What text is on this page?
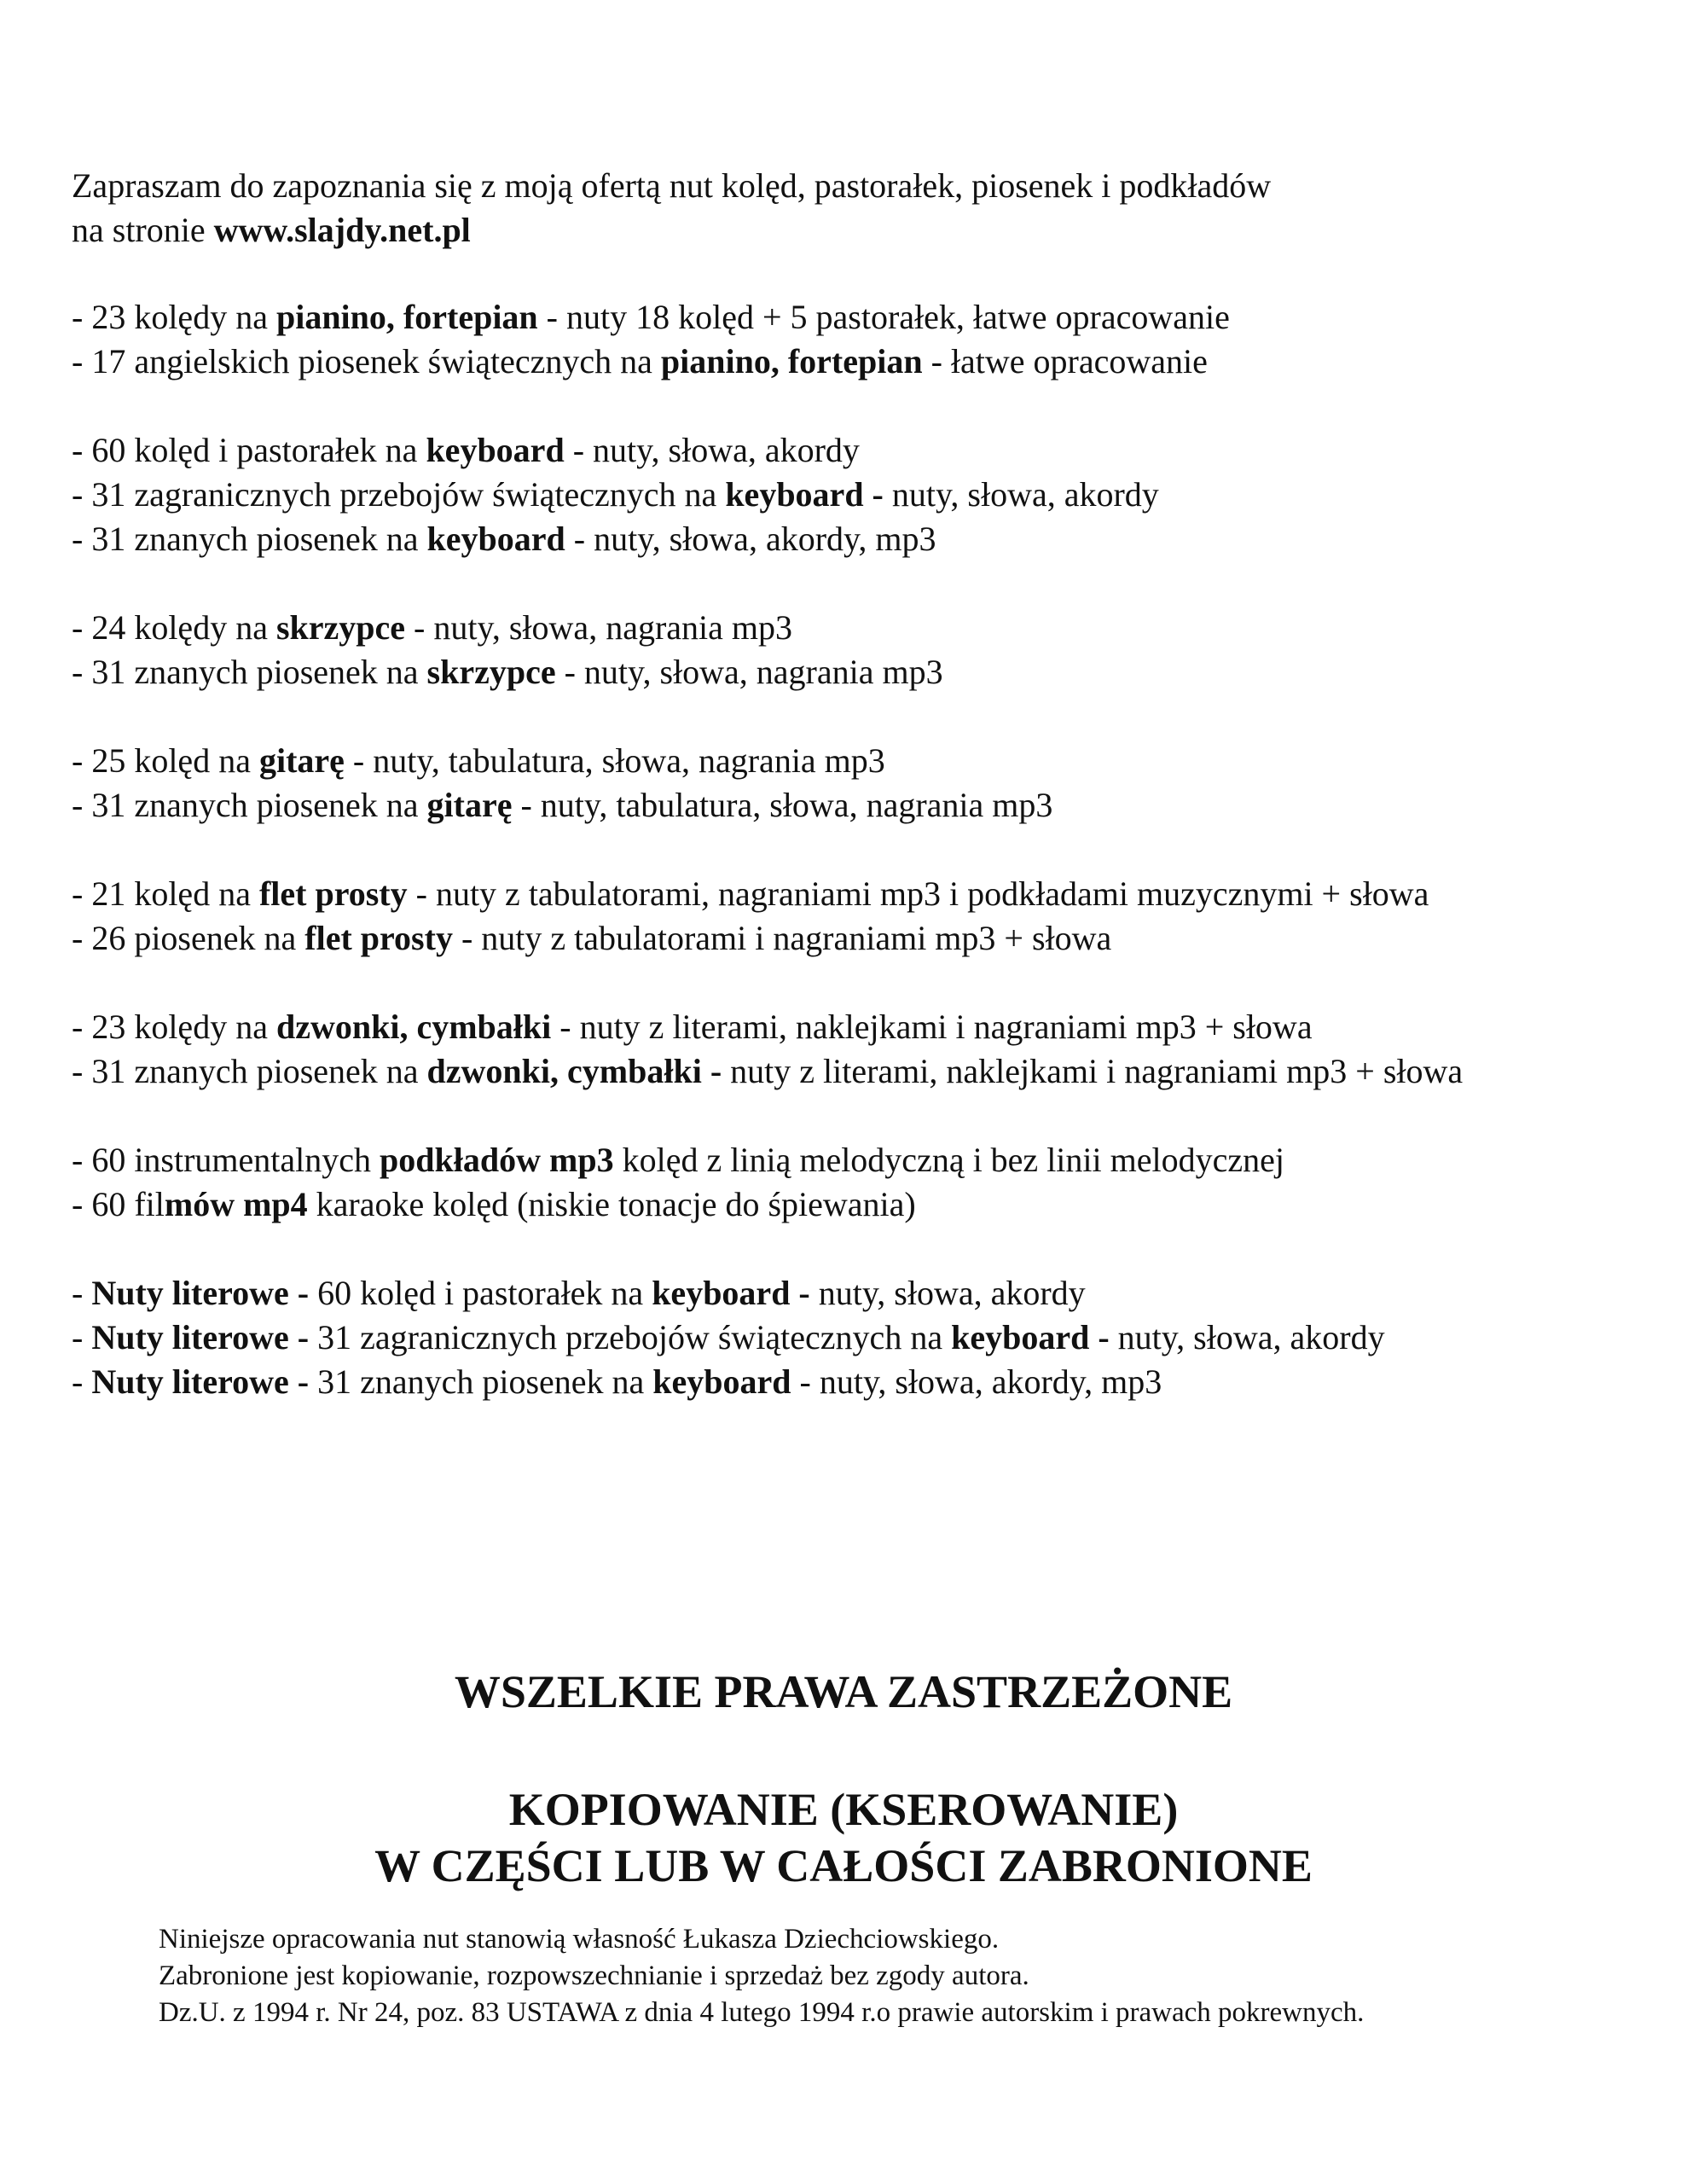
Zapraszam do zapoznania się z moją ofertą nut kolęd, pastorałek, piosenek i podkładów
na stronie www.slajdy.net.pl
- 23 kolędy na pianino, fortepian - nuty 18 kolęd + 5 pastorałek, łatwe opracowanie
- 17 angielskich piosenek świątecznych na pianino, fortepian - łatwe opracowanie
- 60 kolęd i pastorałek na keyboard - nuty, słowa, akordy
- 31 zagranicznych przebojów świątecznych na keyboard - nuty, słowa, akordy
- 31 znanych piosenek na keyboard - nuty, słowa, akordy, mp3
- 24 kolędy na skrzypce - nuty, słowa, nagrania mp3
- 31 znanych piosenek na skrzypce - nuty, słowa, nagrania mp3
- 25 kolęd na gitarę - nuty, tabulatura, słowa, nagrania mp3
- 31 znanych piosenek na gitarę - nuty, tabulatura, słowa, nagrania mp3
- 21 kolęd na flet prosty - nuty z tabulatorami, nagraniami mp3 i podkładami muzycznymi + słowa
- 26 piosenek na flet prosty - nuty z tabulatorami i nagraniami mp3 + słowa
- 23 kolędy na dzwonki, cymbałki - nuty z literami, naklejkami i nagraniami mp3 + słowa
- 31 znanych piosenek na dzwonki, cymbałki - nuty z literami, naklejkami i nagraniami mp3 + słowa
- 60 instrumentalnych podkładów mp3 kolęd z linią melodyczną i bez linii melodycznej
- 60 filmów mp4 karaoke kolęd (niskie tonacje do śpiewania)
- Nuty literowe - 60 kolęd i pastorałek na keyboard - nuty, słowa, akordy
- Nuty literowe - 31 zagranicznych przebojów świątecznych na keyboard - nuty, słowa, akordy
- Nuty literowe - 31 znanych piosenek na keyboard - nuty, słowa, akordy, mp3
WSZELKIE PRAWA ZASTRZEŻONE
KOPIOWANIE (KSEROWANIE)
W CZĘŚCI LUB W CAŁOŚCI ZABRONIONE
Niniejsze opracowania nut stanowią własność Łukasza Dziechciowskiego.
Zabronione jest kopiowanie, rozpowszechnianie i sprzedaż bez zgody autora.
Dz.U. z 1994 r. Nr 24, poz. 83 USTAWA z dnia 4 lutego 1994 r.o prawie autorskim i prawach pokrewnych.
